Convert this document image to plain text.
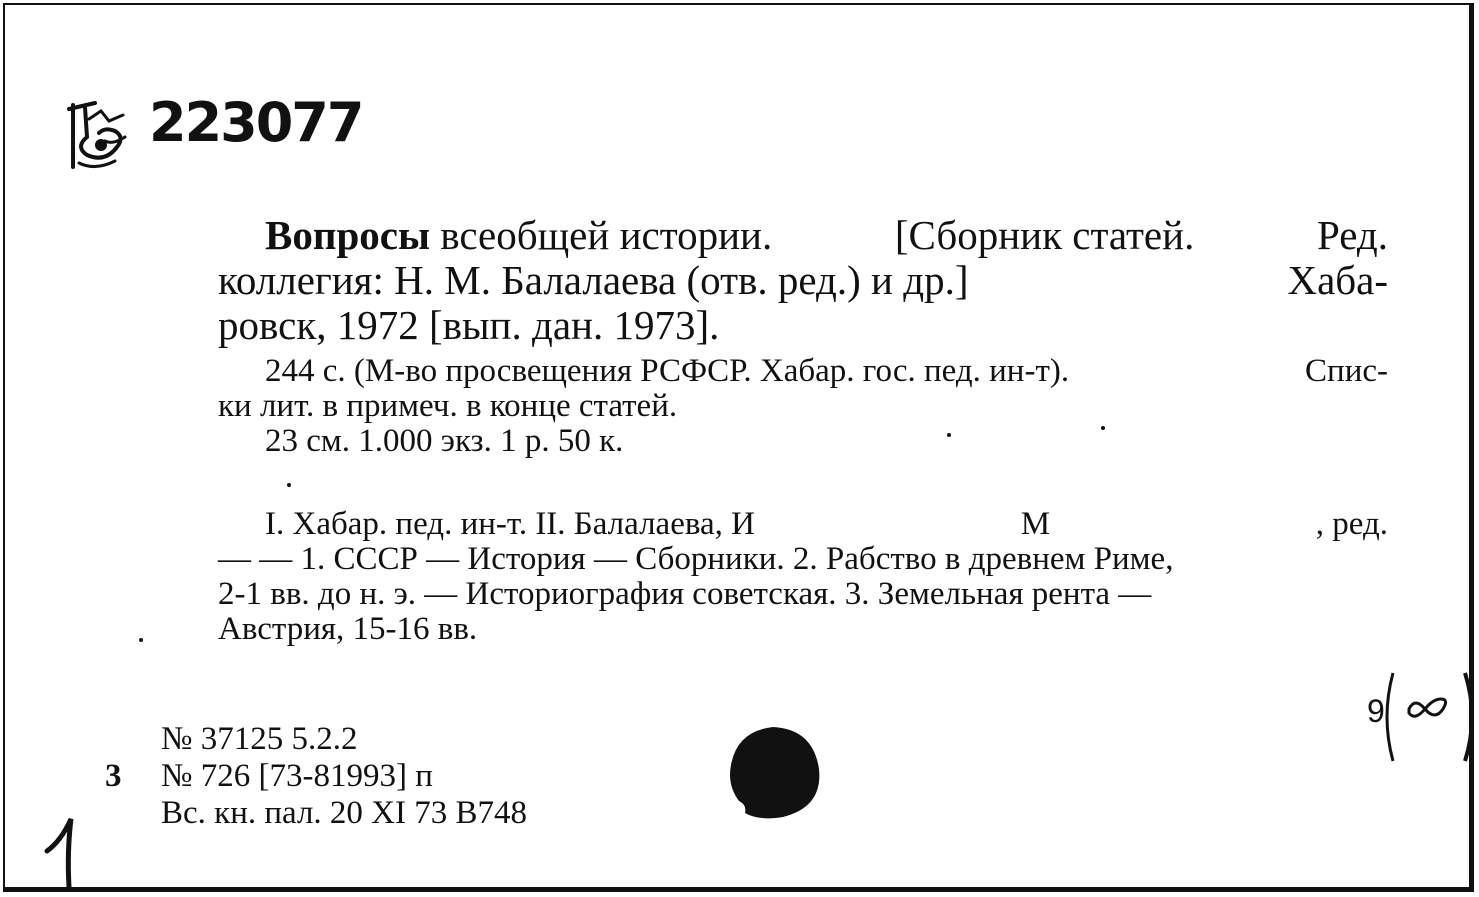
223077
Вопросы всеобщей истории.	[Сборник статей.	Ред.
коллегия: Н. М. Балалаева (отв. ред.) и др.]	Хаба-
ровск, 1972 [вып. дан. 1973].
244 с. (М-во просвещения РСФСР. Хабар. гос. пед. ин-т).	Спис-
ки лит. в примеч. в конце статей.
23 см. 1.000 экз. 1 р. 50 к.
I. Хабар. пед. ин-т. II. Балалаева, И	М	, ред.
— — 1. СССР — История — Сборники. 2. Рабство в древнем Риме,
2-1 вв. до н. э. — Историография советская. 3. Земельная рента —
Австрия, 15-16 вв.
№ 37125 5.2.2
3 № 726 [73-81993] п
Вс. кн. пал. 20 XI 73 В748
9
